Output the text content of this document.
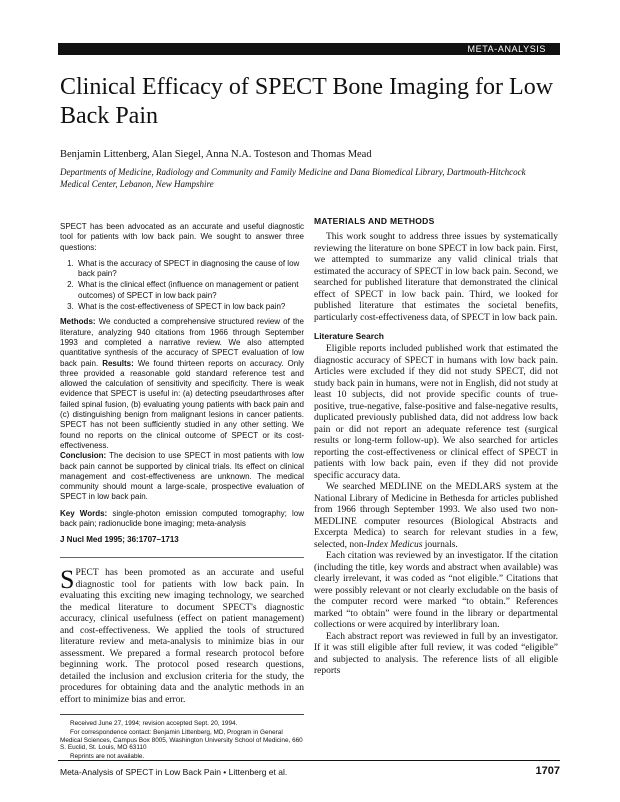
META-ANALYSIS
Clinical Efficacy of SPECT Bone Imaging for Low Back Pain
Benjamin Littenberg, Alan Siegel, Anna N.A. Tosteson and Thomas Mead
Departments of Medicine, Radiology and Community and Family Medicine and Dana Biomedical Library, Dartmouth-Hitchcock Medical Center, Lebanon, New Hampshire

SPECT has been advocated as an accurate and useful diagnostic tool for patients with low back pain. We sought to answer three questions:

1. What is the accuracy of SPECT in diagnosing the cause of low back pain?
2. What is the clinical effect (influence on management or patient outcomes) of SPECT in low back pain?
3. What is the cost-effectiveness of SPECT in low back pain?

Methods: We conducted a comprehensive structured review of the literature, analyzing 940 citations from 1966 through September 1993 and completed a narrative review. We also attempted quantitative synthesis of the accuracy of SPECT evaluation of low back pain. Results: We found thirteen reports on accuracy. Only three provided a reasonable gold standard reference test and allowed the calculation of sensitivity and specificity. There is weak evidence that SPECT is useful in: (a) detecting pseudarthroses after failed spinal fusion, (b) evaluating young patients with back pain and (c) distinguishing benign from malignant lesions in cancer patients. SPECT has not been sufficiently studied in any other setting. We found no reports on the clinical outcome of SPECT or its cost-effectiveness.
Conclusion: The decision to use SPECT in most patients with low back pain cannot be supported by clinical trials. Its effect on clinical management and cost-effectiveness are unknown. The medical community should mount a large-scale, prospective evaluation of SPECT in low back pain.

Key Words: single-photon emission computed tomography; low back pain; radionuclide bone imaging; meta-analysis

J Nucl Med 1995; 36:1707–1713

SPECT has been promoted as an accurate and useful diagnostic tool for patients with low back pain. In evaluating this exciting new imaging technology, we searched the medical literature to document SPECT's diagnostic accuracy, clinical usefulness (effect on patient management) and cost-effectiveness. We applied the tools of structured literature review and meta-analysis to minimize bias in our assessment. We prepared a formal research protocol before beginning work. The protocol posed research questions, detailed the inclusion and exclusion criteria for the study, the procedures for obtaining data and the analytic methods in an effort to minimize bias and error.

MATERIALS AND METHODS

This work sought to address three issues by systematically reviewing the literature on bone SPECT in low back pain. First, we attempted to summarize any valid clinical trials that estimated the accuracy of SPECT in low back pain. Second, we searched for published literature that demonstrated the clinical effect of SPECT in low back pain. Third, we looked for published literature that estimates the societal benefits, particularly cost-effectiveness data, of SPECT in low back pain.

Literature Search

Eligible reports included published work that estimated the diagnostic accuracy of SPECT in humans with low back pain. Articles were excluded if they did not study SPECT, did not study back pain in humans, were not in English, did not study at least 10 subjects, did not provide specific counts of true-positive, true-negative, false-positive and false-negative results, duplicated previously published data, did not address low back pain or did not report an adequate reference test (surgical results or long-term follow-up). We also searched for articles reporting the cost-effectiveness or clinical effect of SPECT in patients with low back pain, even if they did not provide specific accuracy data.

We searched MEDLINE on the MEDLARS system at the National Library of Medicine in Bethesda for articles published from 1966 through September 1993. We also used two non-MEDLINE computer resources (Biological Abstracts and Excerpta Medica) to search for relevant studies in a few, selected, non-Index Medicus journals.

Each citation was reviewed by an investigator. If the citation (including the title, key words and abstract when available) was clearly irrelevant, it was coded as “not eligible.” Citations that were possibly relevant or not clearly excludable on the basis of the computer record were marked “to obtain.” References marked “to obtain” were found in the library or departmental collections or were acquired by interlibrary loan.

Each abstract report was reviewed in full by an investigator. If it was still eligible after full review, it was coded “eligible” and subjected to analysis. The reference lists of all eligible reports

Received June 27, 1994; revision accepted Sept. 20, 1994.

For correspondence contact: Benjamin Littenberg, MD, Program in General Medical Sciences, Campus Box 8005, Washington University School of Medicine, 660 S. Euclid, St. Louis, MO 63110

Reprints are not available.

Meta-Analysis of SPECT in Low Back Pain • Littenberg et al.	1707
